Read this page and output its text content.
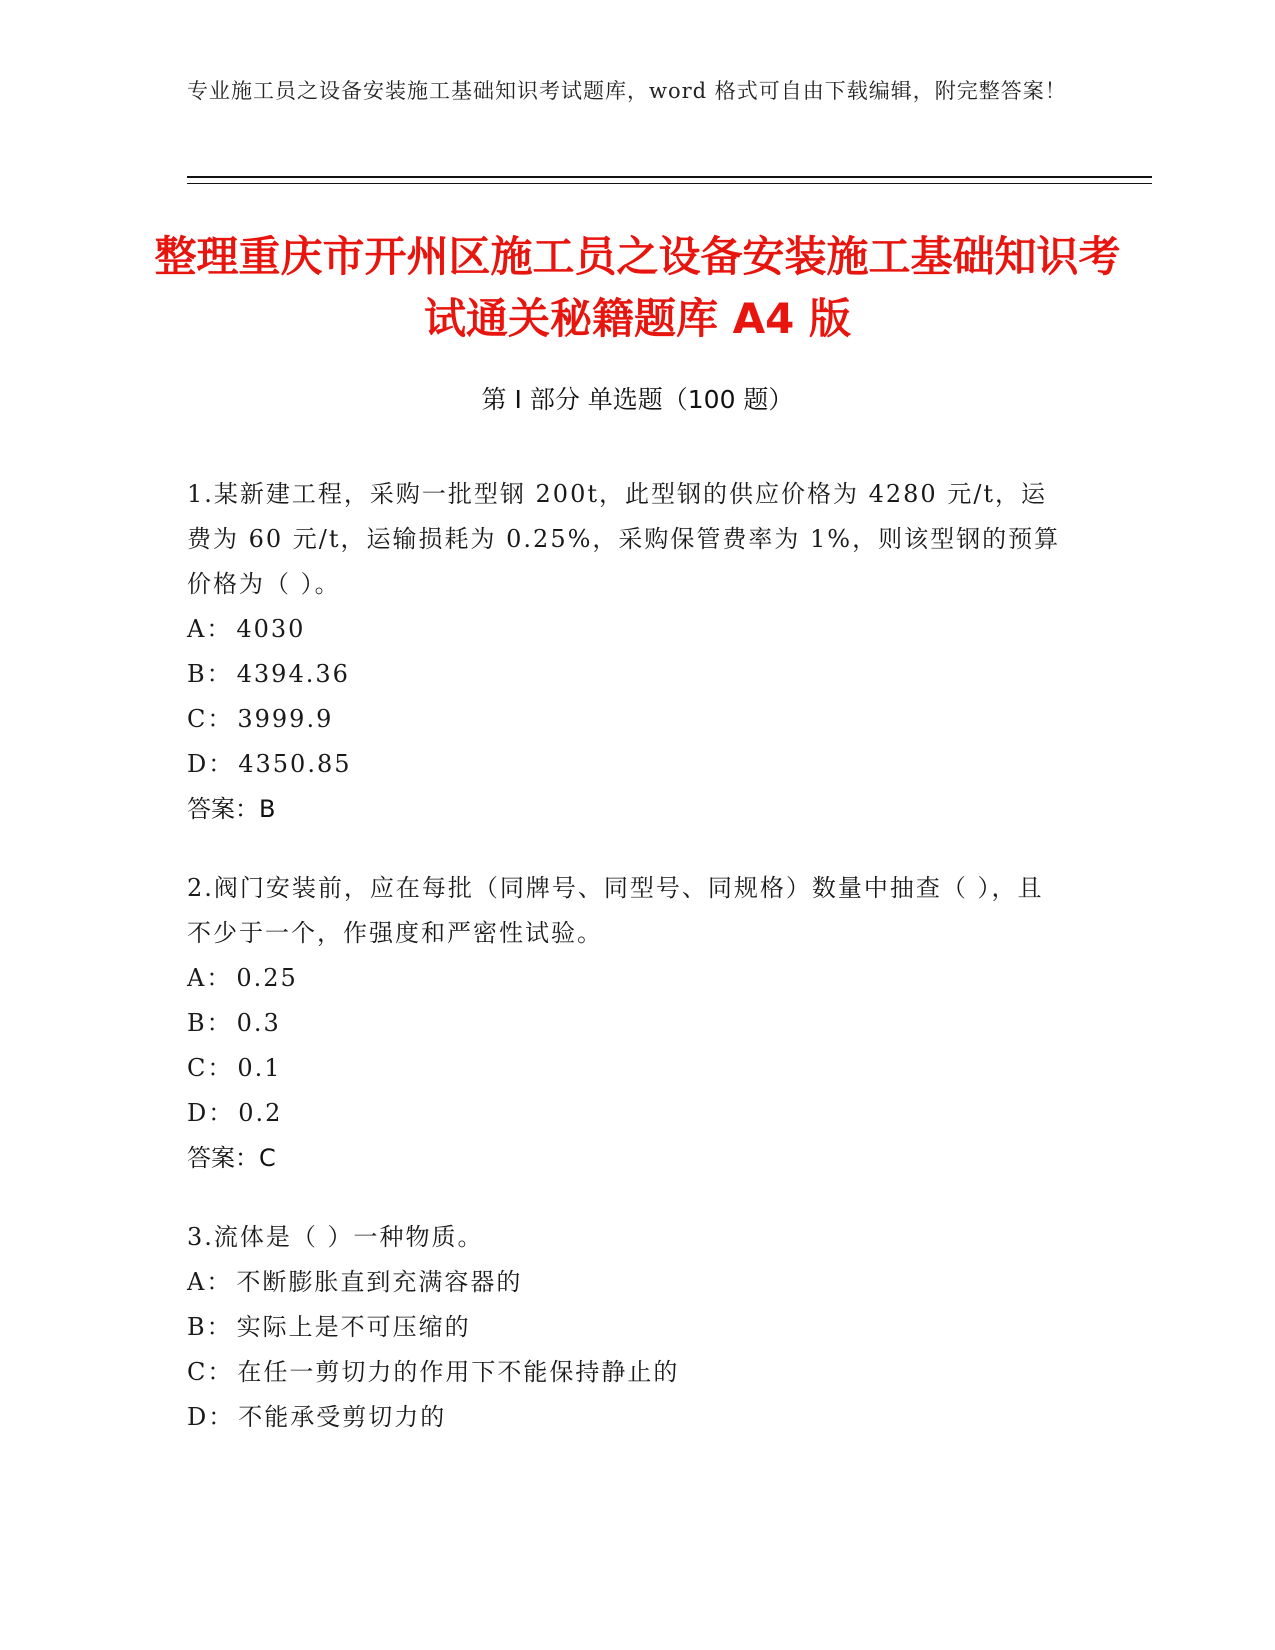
专业施工员之设备安装施工基础知识考试题库，word 格式可自由下载编辑，附完整答案！
整理重庆市开州区施工员之设备安装施工基础知识考试通关秘籍题库 A4 版
第 I 部分 单选题（100 题）

1.某新建工程，采购一批型钢 200t，此型钢的供应价格为 4280 元/t，运费为 60 元/t，运输损耗为 0.25%，采购保管费率为 1%，则该型钢的预算价格为（ ）。

A： 4030

B： 4394.36

C： 3999.9

D： 4350.85

答案：B

2.阀门安装前，应在每批（同牌号、同型号、同规格）数量中抽查（ ），且不少于一个，作强度和严密性试验。

A： 0.25

B： 0.3

C： 0.1

D： 0.2

答案：C

3.流体是（ ）一种物质。

A： 不断膨胀直到充满容器的

B： 实际上是不可压缩的

C： 在任一剪切力的作用下不能保持静止的

D： 不能承受剪切力的
